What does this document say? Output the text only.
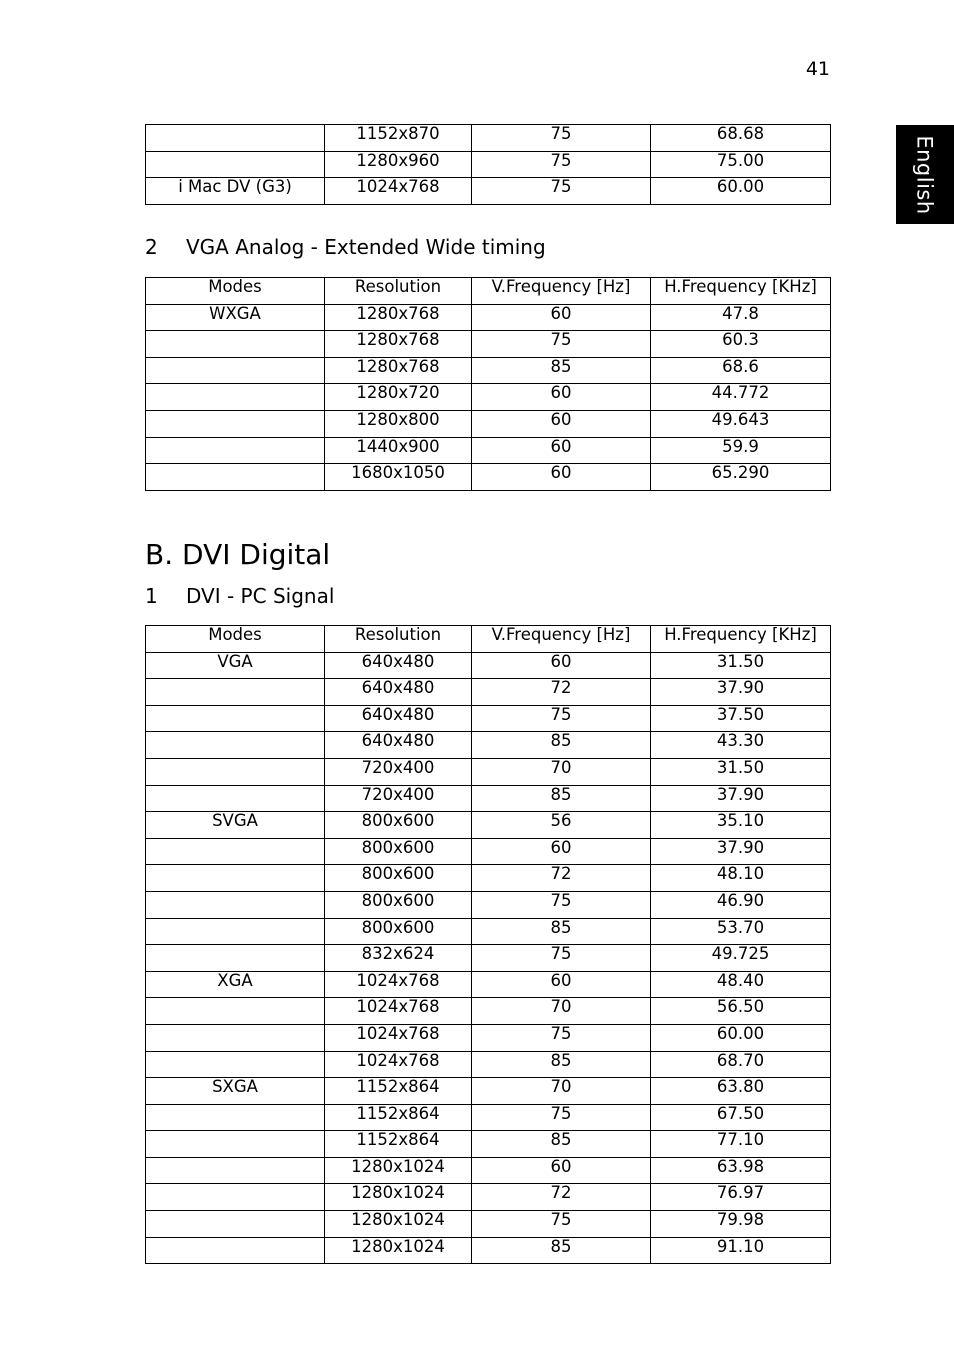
41
English
	1152x870	75	68.68
	1280x960	75	75.00
i Mac DV (G3)	1024x768	75	60.00
2 VGA Analog - Extended Wide timing
Modes	Resolution	V.Frequency [Hz]	H.Frequency [KHz]
WXGA	1280x768	60	47.8
	1280x768	75	60.3
	1280x768	85	68.6
	1280x720	60	44.772
	1280x800	60	49.643
	1440x900	60	59.9
	1680x1050	60	65.290
B. DVI Digital
1 DVI - PC Signal
Modes	Resolution	V.Frequency [Hz]	H.Frequency [KHz]
VGA	640x480	60	31.50
	640x480	72	37.90
	640x480	75	37.50
	640x480	85	43.30
	720x400	70	31.50
	720x400	85	37.90
SVGA	800x600	56	35.10
	800x600	60	37.90
	800x600	72	48.10
	800x600	75	46.90
	800x600	85	53.70
	832x624	75	49.725
XGA	1024x768	60	48.40
	1024x768	70	56.50
	1024x768	75	60.00
	1024x768	85	68.70
SXGA	1152x864	70	63.80
	1152x864	75	67.50
	1152x864	85	77.10
	1280x1024	60	63.98
	1280x1024	72	76.97
	1280x1024	75	79.98
	1280x1024	85	91.10
